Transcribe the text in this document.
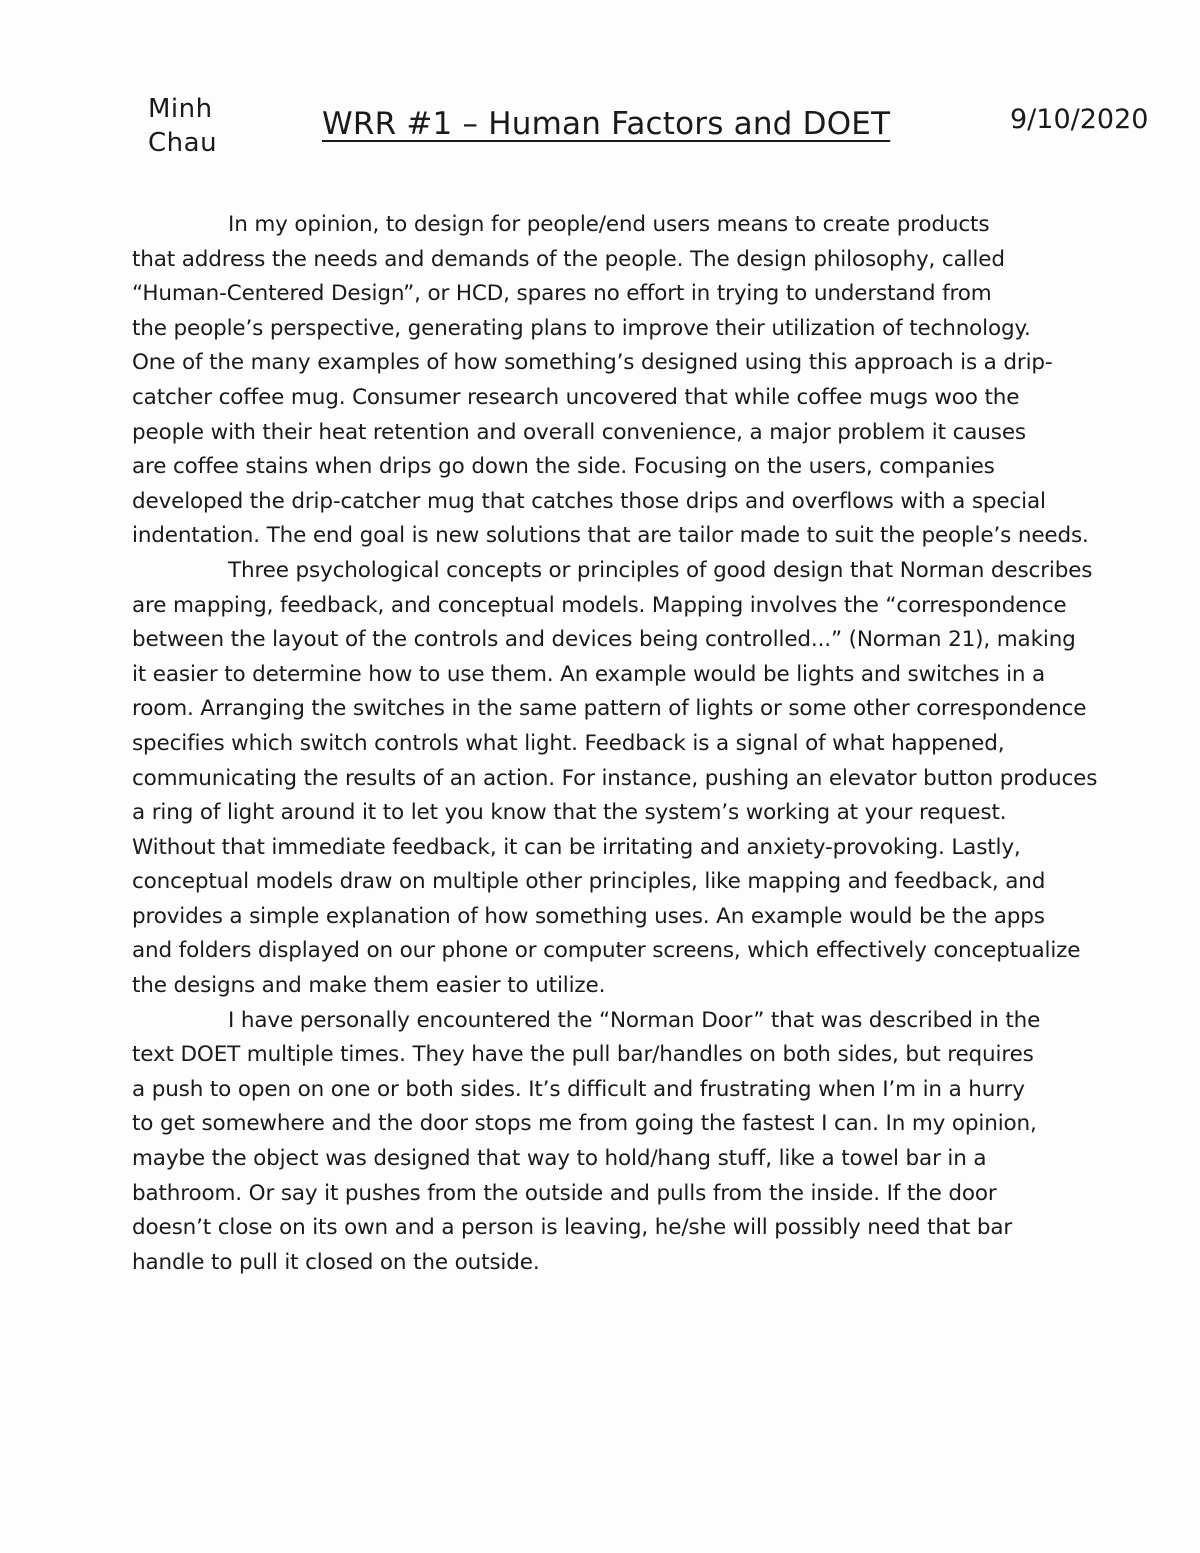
Minh
Chau
WRR #1 – Human Factors and DOET	9/10/2020
In my opinion, to design for people/end users means to create products
that address the needs and demands of the people. The design philosophy, called
“Human-Centered Design”, or HCD, spares no effort in trying to understand from
the people’s perspective, generating plans to improve their utilization of technology.
One of the many examples of how something’s designed using this approach is a drip-
catcher coffee mug. Consumer research uncovered that while coffee mugs woo the
people with their heat retention and overall convenience, a major problem it causes
are coffee stains when drips go down the side. Focusing on the users, companies
developed the drip-catcher mug that catches those drips and overflows with a special
indentation. The end goal is new solutions that are tailor made to suit the people’s needs.
Three psychological concepts or principles of good design that Norman describes
are mapping, feedback, and conceptual models. Mapping involves the “correspondence
between the layout of the controls and devices being controlled...” (Norman 21), making
it easier to determine how to use them. An example would be lights and switches in a
room. Arranging the switches in the same pattern of lights or some other correspondence
specifies which switch controls what light. Feedback is a signal of what happened,
communicating the results of an action. For instance, pushing an elevator button produces
a ring of light around it to let you know that the system’s working at your request.
Without that immediate feedback, it can be irritating and anxiety-provoking. Lastly,
conceptual models draw on multiple other principles, like mapping and feedback, and
provides a simple explanation of how something uses. An example would be the apps
and folders displayed on our phone or computer screens, which effectively conceptualize
the designs and make them easier to utilize.
I have personally encountered the “Norman Door” that was described in the
text DOET multiple times. They have the pull bar/handles on both sides, but requires
a push to open on one or both sides. It’s difficult and frustrating when I’m in a hurry
to get somewhere and the door stops me from going the fastest I can. In my opinion,
maybe the object was designed that way to hold/hang stuff, like a towel bar in a
bathroom. Or say it pushes from the outside and pulls from the inside. If the door
doesn’t close on its own and a person is leaving, he/she will possibly need that bar
handle to pull it closed on the outside.
